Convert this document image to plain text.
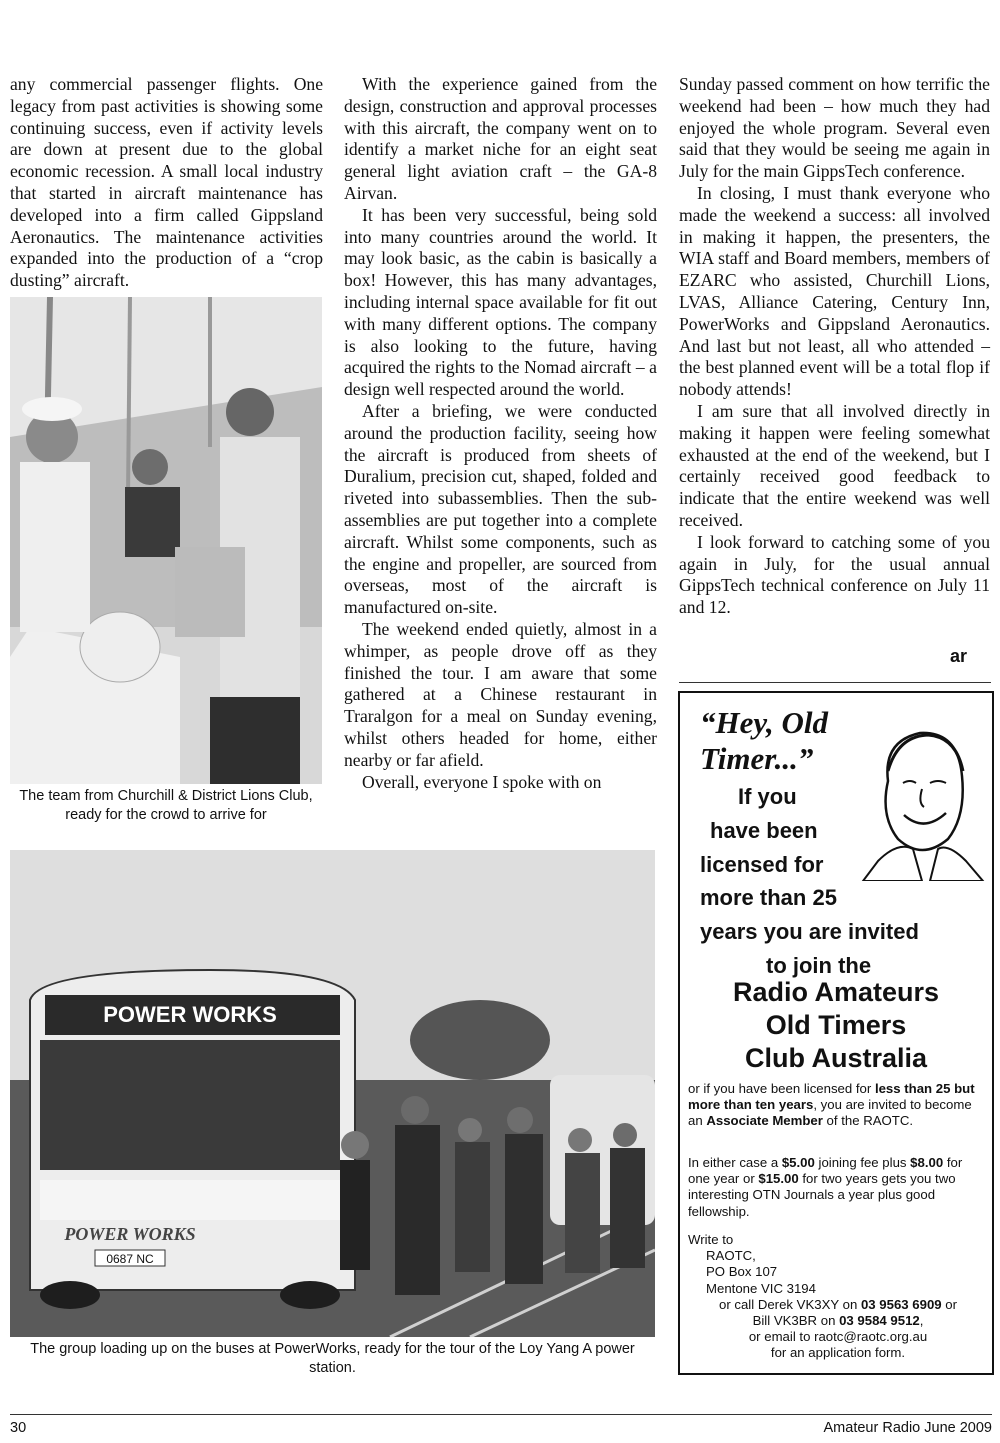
any commercial passenger flights. One legacy from past activities is showing some continuing success, even if activity levels are down at present due to the global economic recession. A small local industry that started in aircraft maintenance has developed into a firm called Gippsland Aeronautics. The maintenance activities expanded into the production of a “crop dusting” aircraft.

The team from Churchill & District Lions Club, ready for the crowd to arrive for

With the experience gained from the design, construction and approval processes with this aircraft, the company went on to identify a market niche for an eight seat general light aviation craft – the GA-8 Airvan.

It has been very successful, being sold into many countries around the world. It may look basic, as the cabin is basically a box! However, this has many advantages, including internal space available for fit out with many different options. The company is also looking to the future, having acquired the rights to the Nomad aircraft – a design well respected around the world.

After a briefing, we were conducted around the production facility, seeing how the aircraft is produced from sheets of Duralium, precision cut, shaped, folded and riveted into subassemblies. Then the sub-assemblies are put together into a complete aircraft. Whilst some components, such as the engine and propeller, are sourced from overseas, most of the aircraft is manufactured on-site.

The weekend ended quietly, almost in a whimper, as people drove off as they finished the tour. I am aware that some gathered at a Chinese restaurant in Traralgon for a meal on Sunday evening, whilst others headed for home, either nearby or far afield.

Overall, everyone I spoke with on

Sunday passed comment on how terrific the weekend had been – how much they had enjoyed the whole program. Several even said that they would be seeing me again in July for the main GippsTech conference.

In closing, I must thank everyone who made the weekend a success: all involved in making it happen, the presenters, the WIA staff and Board members, members of EZARC who assisted, Churchill Lions, LVAS, Alliance Catering, Century Inn, PowerWorks and Gippsland Aeronautics. And last but not least, all who attended – the best planned event will be a total flop if nobody attends!

I am sure that all involved directly in making it happen were feeling somewhat exhausted at the end of the weekend, but I certainly received good feedback to indicate that the entire weekend was well received.

I look forward to catching some of you again in July, for the usual annual GippsTech technical conference on July 11 and 12.

ar
POWER WORKS
POWER WORKS
0687 NC
The group loading up on the buses at PowerWorks, ready for the tour of the Loy Yang A power station.
“Hey, Old
Timer...”
If you
have been
licensed for
more than 25
years you are invited
to join the
Radio Amateurs
Old Timers
Club Australia
or if you have been licensed for less than 25 but more than ten years, you are invited to become an Associate Member of the RAOTC.
In either case a $5.00 joining fee plus $8.00 for one year or $15.00 for two years gets you two interesting OTN Journals a year plus good fellowship.
Write to
RAOTC,
PO Box 107
Mentone VIC 3194
or call Derek VK3XY on 03 9563 6909 or
Bill VK3BR on 03 9584 9512,
or email to raotc@raotc.org.au
for an application form.
30	Amateur Radio June 2009
